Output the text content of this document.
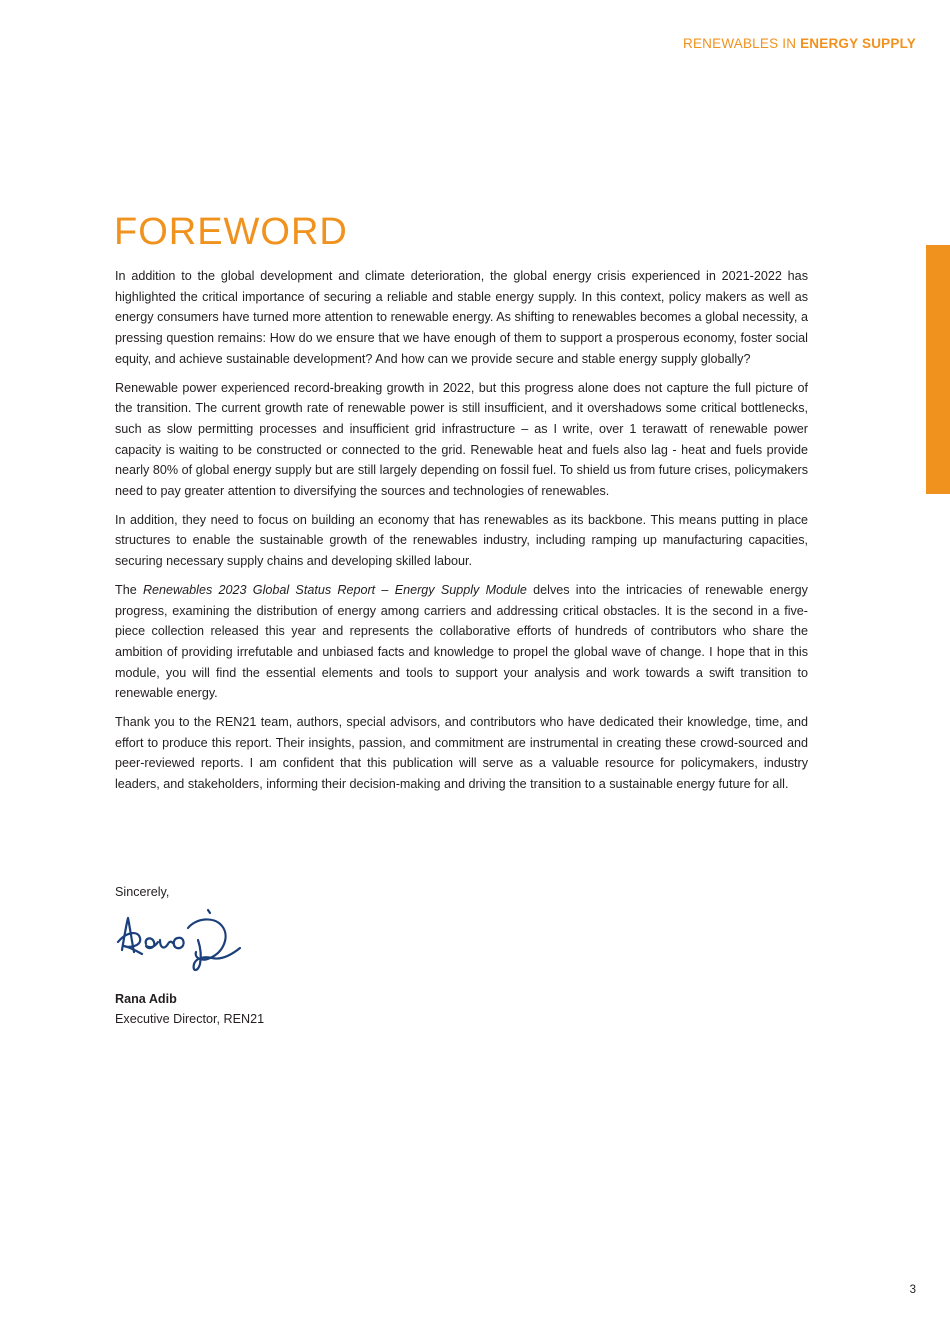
RENEWABLES IN ENERGY SUPPLY
FOREWORD

In addition to the global development and climate deterioration, the global energy crisis experienced in 2021-2022 has highlighted the critical importance of securing a reliable and stable energy supply. In this context, policy makers as well as energy consumers have turned more attention to renewable energy. As shifting to renewables becomes a global necessity, a pressing question remains: How do we ensure that we have enough of them to support a prosperous economy, foster social equity, and achieve sustainable development? And how can we provide secure and stable energy supply globally?

Renewable power experienced record-breaking growth in 2022, but this progress alone does not capture the full picture of the transition. The current growth rate of renewable power is still insufficient, and it overshadows some critical bottlenecks, such as slow permitting processes and insufficient grid infrastructure – as I write, over 1 terawatt of renewable power capacity is waiting to be constructed or connected to the grid. Renewable heat and fuels also lag - heat and fuels provide nearly 80% of global energy supply but are still largely depending on fossil fuel. To shield us from future crises, policymakers need to pay greater attention to diversifying the sources and technologies of renewables.

In addition, they need to focus on building an economy that has renewables as its backbone. This means putting in place structures to enable the sustainable growth of the renewables industry, including ramping up manufacturing capacities, securing necessary supply chains and developing skilled labour.

The Renewables 2023 Global Status Report – Energy Supply Module delves into the intricacies of renewable energy progress, examining the distribution of energy among carriers and addressing critical obstacles. It is the second in a five-piece collection released this year and represents the collaborative efforts of hundreds of contributors who share the ambition of providing irrefutable and unbiased facts and knowledge to propel the global wave of change. I hope that in this module, you will find the essential elements and tools to support your analysis and work towards a swift transition to renewable energy.

Thank you to the REN21 team, authors, special advisors, and contributors who have dedicated their knowledge, time, and effort to produce this report. Their insights, passion, and commitment are instrumental in creating these crowd-sourced and peer-reviewed reports. I am confident that this publication will serve as a valuable resource for policymakers, industry leaders, and stakeholders, informing their decision-making and driving the transition to a sustainable energy future for all.

Sincerely,
Rana Adib
Executive Director, REN21
3
